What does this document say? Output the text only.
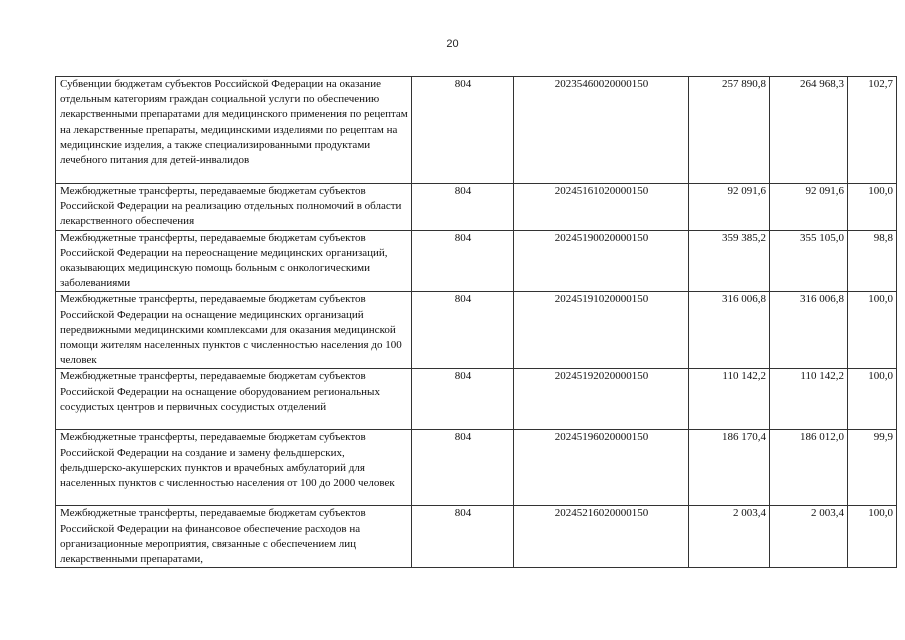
20
Субвенции бюджетам субъектов Российской Федерации на оказание отдельным категориям граждан социальной услуги по обеспечению лекарственными препаратами для медицинского применения по рецептам на лекарственные препараты, медицинскими изделиями по рецептам на медицинские изделия, а также специализированными продуктами лечебного питания для детей-инвалидов	804	20235460020000150	257 890,8	264 968,3	102,7
Межбюджетные трансферты, передаваемые бюджетам субъектов Российской Федерации на реализацию отдельных полномочий в области лекарственного обеспечения	804	20245161020000150	92 091,6	92 091,6	100,0
Межбюджетные трансферты, передаваемые бюджетам субъектов Российской Федерации на переоснащение медицинских организаций, оказывающих медицинскую помощь больным с онкологическими заболеваниями	804	20245190020000150	359 385,2	355 105,0	98,8
Межбюджетные трансферты, передаваемые бюджетам субъектов Российской Федерации на оснащение медицинских организаций передвижными медицинскими комплексами для оказания медицинской помощи жителям населенных пунктов с численностью населения до 100 человек	804	20245191020000150	316 006,8	316 006,8	100,0
Межбюджетные трансферты, передаваемые бюджетам субъектов Российской Федерации на оснащение оборудованием региональных сосудистых центров и первичных сосудистых отделений	804	20245192020000150	110 142,2	110 142,2	100,0
Межбюджетные трансферты, передаваемые бюджетам субъектов Российской Федерации на создание и замену фельдшерских, фельдшерско-акушерских пунктов и врачебных амбулаторий для населенных пунктов с численностью населения от 100 до 2000 человек	804	20245196020000150	186 170,4	186 012,0	99,9
Межбюджетные трансферты, передаваемые бюджетам субъектов Российской Федерации на финансовое обеспечение расходов на организационные мероприятия, связанные с обеспечением лиц лекарственными препаратами,	804	20245216020000150	2 003,4	2 003,4	100,0
